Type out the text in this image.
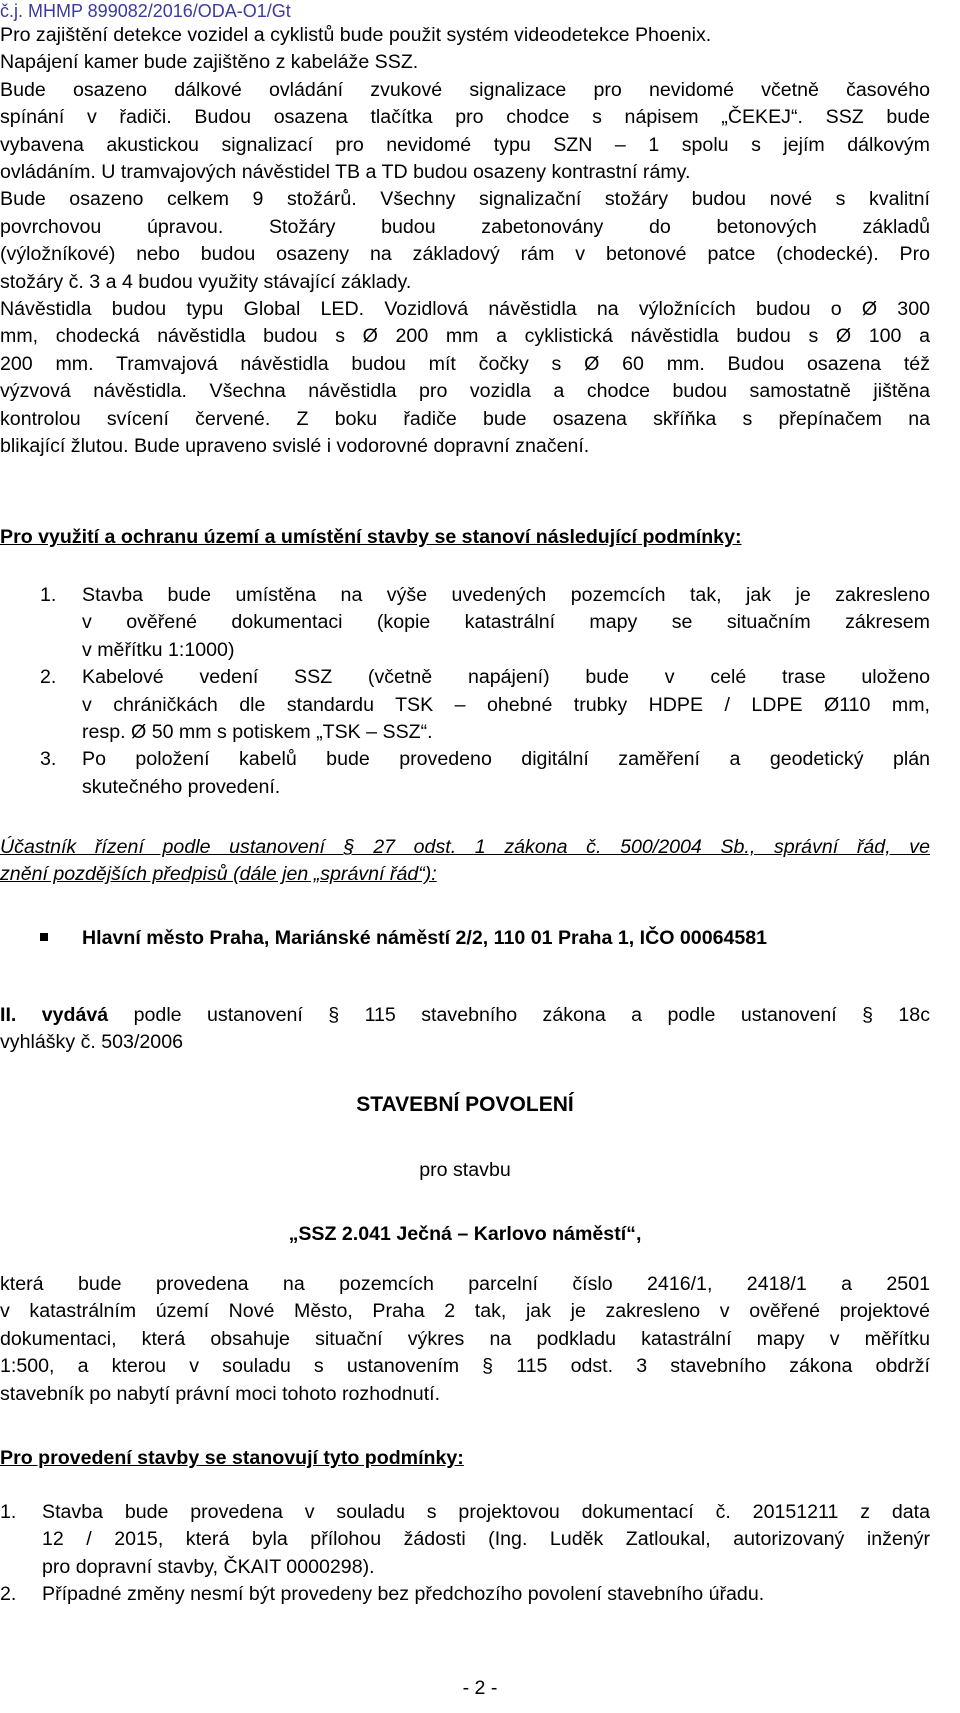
č.j. MHMP 899082/2016/ODA-O1/Gt
Pro zajištění detekce vozidel a cyklistů bude použit systém videodetekce Phoenix.
Napájení kamer bude zajištěno z kabeláže SSZ.
Bude osazeno dálkové ovládání zvukové signalizace pro nevidomé včetně časového
spínání v řadiči. Budou osazena tlačítka pro chodce s nápisem „ČEKEJ“. SSZ bude
vybavena akustickou signalizací pro nevidomé typu SZN – 1 spolu s jejím dálkovým
ovládáním. U tramvajových návěstidel TB a TD budou osazeny kontrastní rámy.
Bude osazeno celkem 9 stožárů. Všechny signalizační stožáry budou nové s kvalitní
povrchovou úpravou. Stožáry budou zabetonovány do betonových základů
(výložníkové) nebo budou osazeny na základový rám v betonové patce (chodecké). Pro
stožáry č. 3 a 4 budou využity stávající základy.
Návěstidla budou typu Global LED. Vozidlová návěstidla na výložnících budou o Ø 300
mm, chodecká návěstidla budou s Ø 200 mm a cyklistická návěstidla budou s Ø 100 a
200 mm. Tramvajová návěstidla budou mít čočky s Ø 60 mm. Budou osazena též
výzvová návěstidla. Všechna návěstidla pro vozidla a chodce budou samostatně jištěna
kontrolou svícení červené. Z boku řadiče bude osazena skříňka s přepínačem na
blikající žlutou. Bude upraveno svislé i vodorovné dopravní značení.
Pro využití a ochranu území a umístění stavby se stanoví následující podmínky:
1. Stavba bude umístěna na výše uvedených pozemcích tak, jak je zakresleno
v ověřené dokumentaci (kopie katastrální mapy se situačním zákresem
v měřítku 1:1000)
2. Kabelové vedení SSZ (včetně napájení) bude v celé trase uloženo
v chráničkách dle standardu TSK – ohebné trubky HDPE / LDPE Ø110 mm,
resp. Ø 50 mm s potiskem „TSK – SSZ“.
3. Po položení kabelů bude provedeno digitální zaměření a geodetický plán
skutečného provedení.
Účastník řízení podle ustanovení § 27 odst. 1 zákona č. 500/2004 Sb., správní řád, ve
znění pozdějších předpisů (dále jen „správní řád“):
Hlavní město Praha, Mariánské náměstí 2/2, 110 01 Praha 1, IČO 00064581
II. vydává podle ustanovení § 115 stavebního zákona a podle ustanovení § 18c
vyhlášky č. 503/2006
STAVEBNÍ POVOLENÍ
pro stavbu
„SSZ 2.041 Ječná – Karlovo náměstí“,
která bude provedena na pozemcích parcelní číslo 2416/1, 2418/1 a 2501
v katastrálním území Nové Město, Praha 2 tak, jak je zakresleno v ověřené projektové
dokumentaci, která obsahuje situační výkres na podkladu katastrální mapy v měřítku
1:500, a kterou v souladu s ustanovením § 115 odst. 3 stavebního zákona obdrží
stavebník po nabytí právní moci tohoto rozhodnutí.
Pro provedení stavby se stanovují tyto podmínky:
1. Stavba bude provedena v souladu s projektovou dokumentací č. 20151211 z data
12 / 2015, která byla přílohou žádosti (Ing. Luděk Zatloukal, autorizovaný inženýr
pro dopravní stavby, ČKAIT 0000298).
2. Případné změny nesmí být provedeny bez předchozího povolení stavebního úřadu.
- 2 -
